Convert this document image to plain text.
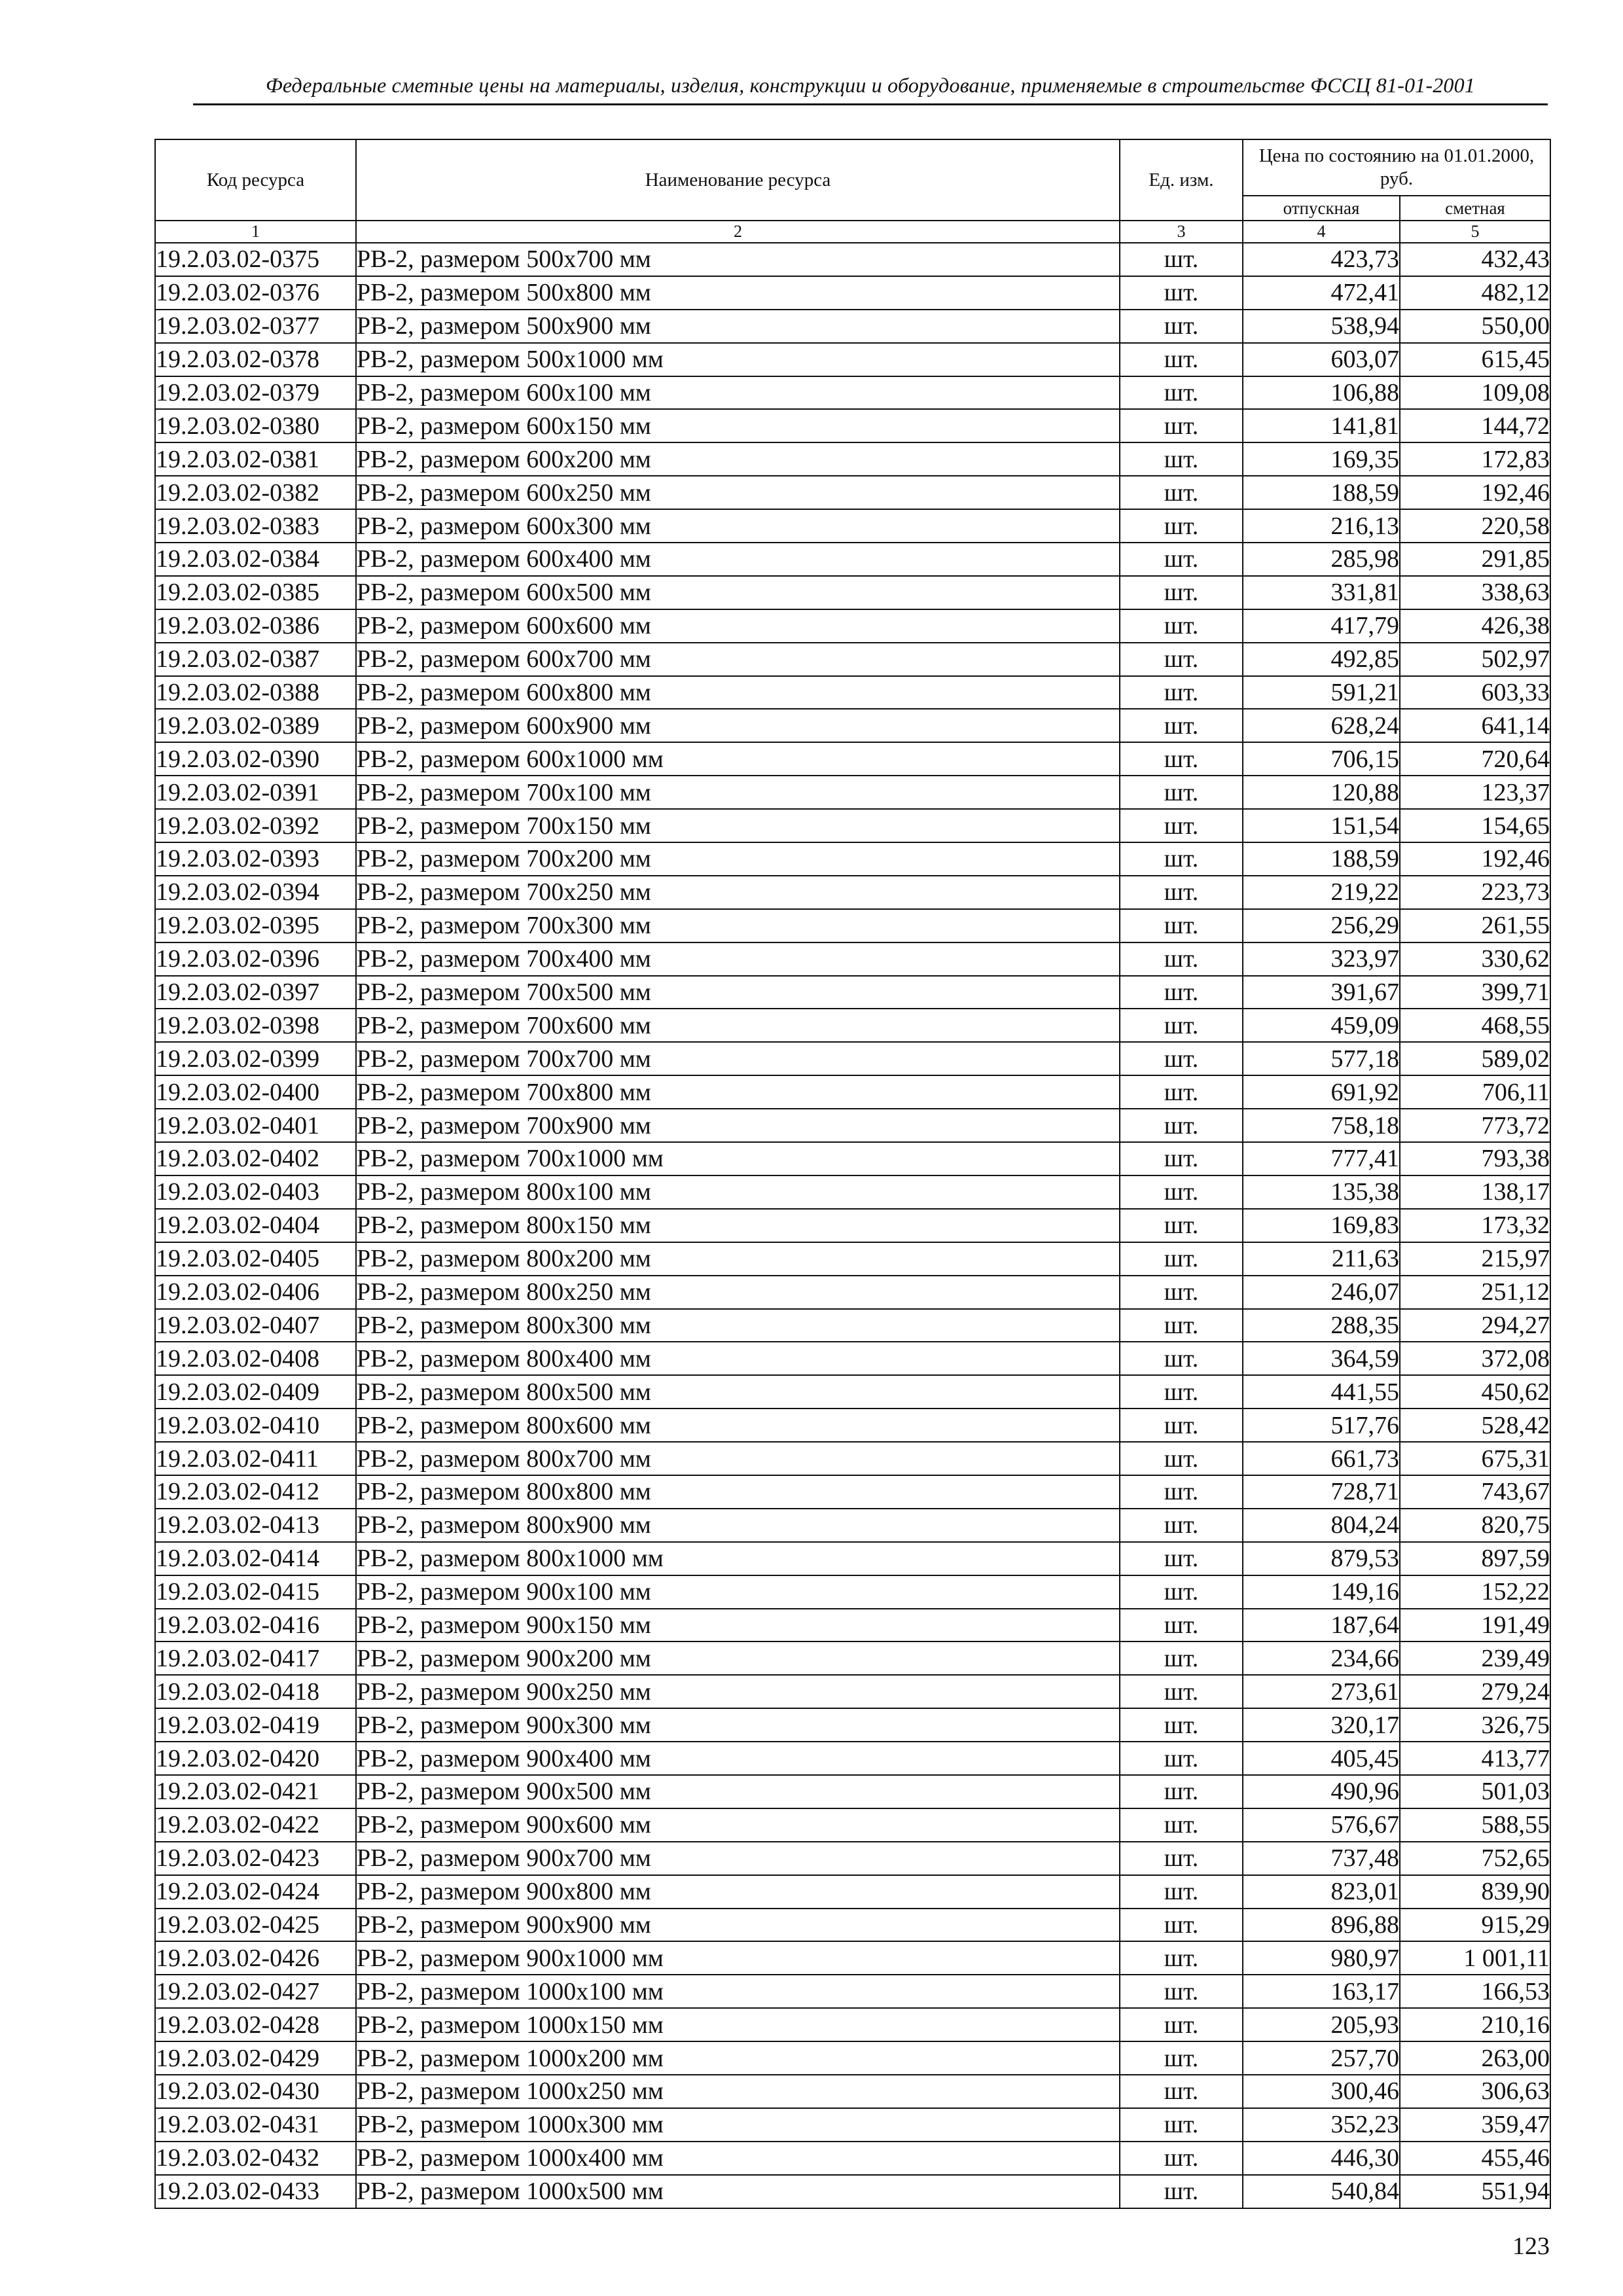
Федеральные сметные цены на материалы, изделия, конструкции и оборудование, применяемые в строительстве ФССЦ 81-01-2001
Код ресурса	Наименование ресурса	Ед. изм.	Цена по состоянию на 01.01.2000, руб.	
			отпускная	сметная
1	2	3	4	5
19.2.03.02-0375	РВ-2, размером 500х700 мм	шт.	423,73	432,43
19.2.03.02-0376	РВ-2, размером 500х800 мм	шт.	472,41	482,12
19.2.03.02-0377	РВ-2, размером 500х900 мм	шт.	538,94	550,00
19.2.03.02-0378	РВ-2, размером 500х1000 мм	шт.	603,07	615,45
19.2.03.02-0379	РВ-2, размером 600х100 мм	шт.	106,88	109,08
19.2.03.02-0380	РВ-2, размером 600х150 мм	шт.	141,81	144,72
19.2.03.02-0381	РВ-2, размером 600х200 мм	шт.	169,35	172,83
19.2.03.02-0382	РВ-2, размером 600х250 мм	шт.	188,59	192,46
19.2.03.02-0383	РВ-2, размером 600х300 мм	шт.	216,13	220,58
19.2.03.02-0384	РВ-2, размером 600х400 мм	шт.	285,98	291,85
19.2.03.02-0385	РВ-2, размером 600х500 мм	шт.	331,81	338,63
19.2.03.02-0386	РВ-2, размером 600х600 мм	шт.	417,79	426,38
19.2.03.02-0387	РВ-2, размером 600х700 мм	шт.	492,85	502,97
19.2.03.02-0388	РВ-2, размером 600х800 мм	шт.	591,21	603,33
19.2.03.02-0389	РВ-2, размером 600х900 мм	шт.	628,24	641,14
19.2.03.02-0390	РВ-2, размером 600х1000 мм	шт.	706,15	720,64
19.2.03.02-0391	РВ-2, размером 700х100 мм	шт.	120,88	123,37
19.2.03.02-0392	РВ-2, размером 700х150 мм	шт.	151,54	154,65
19.2.03.02-0393	РВ-2, размером 700х200 мм	шт.	188,59	192,46
19.2.03.02-0394	РВ-2, размером 700х250 мм	шт.	219,22	223,73
19.2.03.02-0395	РВ-2, размером 700х300 мм	шт.	256,29	261,55
19.2.03.02-0396	РВ-2, размером 700х400 мм	шт.	323,97	330,62
19.2.03.02-0397	РВ-2, размером 700х500 мм	шт.	391,67	399,71
19.2.03.02-0398	РВ-2, размером 700х600 мм	шт.	459,09	468,55
19.2.03.02-0399	РВ-2, размером 700х700 мм	шт.	577,18	589,02
19.2.03.02-0400	РВ-2, размером 700х800 мм	шт.	691,92	706,11
19.2.03.02-0401	РВ-2, размером 700х900 мм	шт.	758,18	773,72
19.2.03.02-0402	РВ-2, размером 700х1000 мм	шт.	777,41	793,38
19.2.03.02-0403	РВ-2, размером 800х100 мм	шт.	135,38	138,17
19.2.03.02-0404	РВ-2, размером 800х150 мм	шт.	169,83	173,32
19.2.03.02-0405	РВ-2, размером 800х200 мм	шт.	211,63	215,97
19.2.03.02-0406	РВ-2, размером 800х250 мм	шт.	246,07	251,12
19.2.03.02-0407	РВ-2, размером 800х300 мм	шт.	288,35	294,27
19.2.03.02-0408	РВ-2, размером 800х400 мм	шт.	364,59	372,08
19.2.03.02-0409	РВ-2, размером 800х500 мм	шт.	441,55	450,62
19.2.03.02-0410	РВ-2, размером 800х600 мм	шт.	517,76	528,42
19.2.03.02-0411	РВ-2, размером 800х700 мм	шт.	661,73	675,31
19.2.03.02-0412	РВ-2, размером 800х800 мм	шт.	728,71	743,67
19.2.03.02-0413	РВ-2, размером 800х900 мм	шт.	804,24	820,75
19.2.03.02-0414	РВ-2, размером 800х1000 мм	шт.	879,53	897,59
19.2.03.02-0415	РВ-2, размером 900х100 мм	шт.	149,16	152,22
19.2.03.02-0416	РВ-2, размером 900х150 мм	шт.	187,64	191,49
19.2.03.02-0417	РВ-2, размером 900х200 мм	шт.	234,66	239,49
19.2.03.02-0418	РВ-2, размером 900х250 мм	шт.	273,61	279,24
19.2.03.02-0419	РВ-2, размером 900х300 мм	шт.	320,17	326,75
19.2.03.02-0420	РВ-2, размером 900х400 мм	шт.	405,45	413,77
19.2.03.02-0421	РВ-2, размером 900х500 мм	шт.	490,96	501,03
19.2.03.02-0422	РВ-2, размером 900х600 мм	шт.	576,67	588,55
19.2.03.02-0423	РВ-2, размером 900х700 мм	шт.	737,48	752,65
19.2.03.02-0424	РВ-2, размером 900х800 мм	шт.	823,01	839,90
19.2.03.02-0425	РВ-2, размером 900х900 мм	шт.	896,88	915,29
19.2.03.02-0426	РВ-2, размером 900х1000 мм	шт.	980,97	1 001,11
19.2.03.02-0427	РВ-2, размером 1000х100 мм	шт.	163,17	166,53
19.2.03.02-0428	РВ-2, размером 1000х150 мм	шт.	205,93	210,16
19.2.03.02-0429	РВ-2, размером 1000х200 мм	шт.	257,70	263,00
19.2.03.02-0430	РВ-2, размером 1000х250 мм	шт.	300,46	306,63
19.2.03.02-0431	РВ-2, размером 1000х300 мм	шт.	352,23	359,47
19.2.03.02-0432	РВ-2, размером 1000х400 мм	шт.	446,30	455,46
19.2.03.02-0433	РВ-2, размером 1000х500 мм	шт.	540,84	551,94
123
